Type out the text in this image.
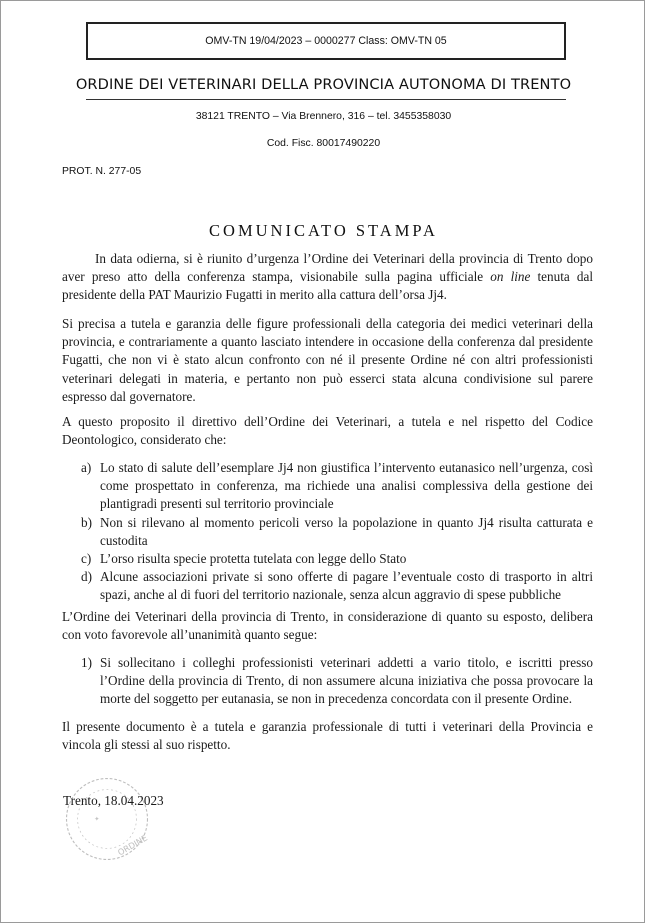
OMV-TN 19/04/2023 – 0000277 Class: OMV-TN 05
ORDINE DEI VETERINARI DELLA PROVINCIA AUTONOMA DI TRENTO
38121 TRENTO – Via Brennero, 316 – tel. 3455358030
Cod. Fisc. 80017490220
PROT. N. 277-05
COMUNICATO STAMPA

In data odierna, si è riunito d’urgenza l’Ordine dei Veterinari della provincia di Trento dopo aver preso atto della conferenza stampa, visionabile sulla pagina ufficiale on line tenuta dal presidente della PAT Maurizio Fugatti in merito alla cattura dell’orsa Jj4.

Si precisa a tutela e garanzia delle figure professionali della categoria dei medici veterinari della provincia, e contrariamente a quanto lasciato intendere in occasione della conferenza dal presidente Fugatti, che non vi è stato alcun confronto con né il presente Ordine né con altri professionisti veterinari delegati in materia, e pertanto non può esserci stata alcuna condivisione sul parere espresso dal governatore.

A questo proposito il direttivo dell’Ordine dei Veterinari, a tutela e nel rispetto del Codice Deontologico, considerato che:

a) Lo stato di salute dell’esemplare Jj4 non giustifica l’intervento eutanasico nell’urgenza, così come prospettato in conferenza, ma richiede una analisi complessiva della gestione dei plantigradi presenti sul territorio provinciale
b) Non si rilevano al momento pericoli verso la popolazione in quanto Jj4 risulta catturata e custodita
c) L’orso risulta specie protetta tutelata con legge dello Stato
d) Alcune associazioni private si sono offerte di pagare l’eventuale costo di trasporto in altri spazi, anche al di fuori del territorio nazionale, senza alcun aggravio di spese pubbliche

L’Ordine dei Veterinari della provincia di Trento, in considerazione di quanto su esposto, delibera con voto favorevole all’unanimità quanto segue:

1) Si sollecitano i colleghi professionisti veterinari addetti a vario titolo, e iscritti presso l’Ordine della provincia di Trento, di non assumere alcuna iniziativa che possa provocare la morte del soggetto per eutanasia, se non in precedenza concordata con il presente Ordine.

Il presente documento è a tutela e garanzia professionale di tutti i veterinari della Provincia e vincola gli stessi al suo rispetto.

ORDINE
✦
Trento, 18.04.2023
